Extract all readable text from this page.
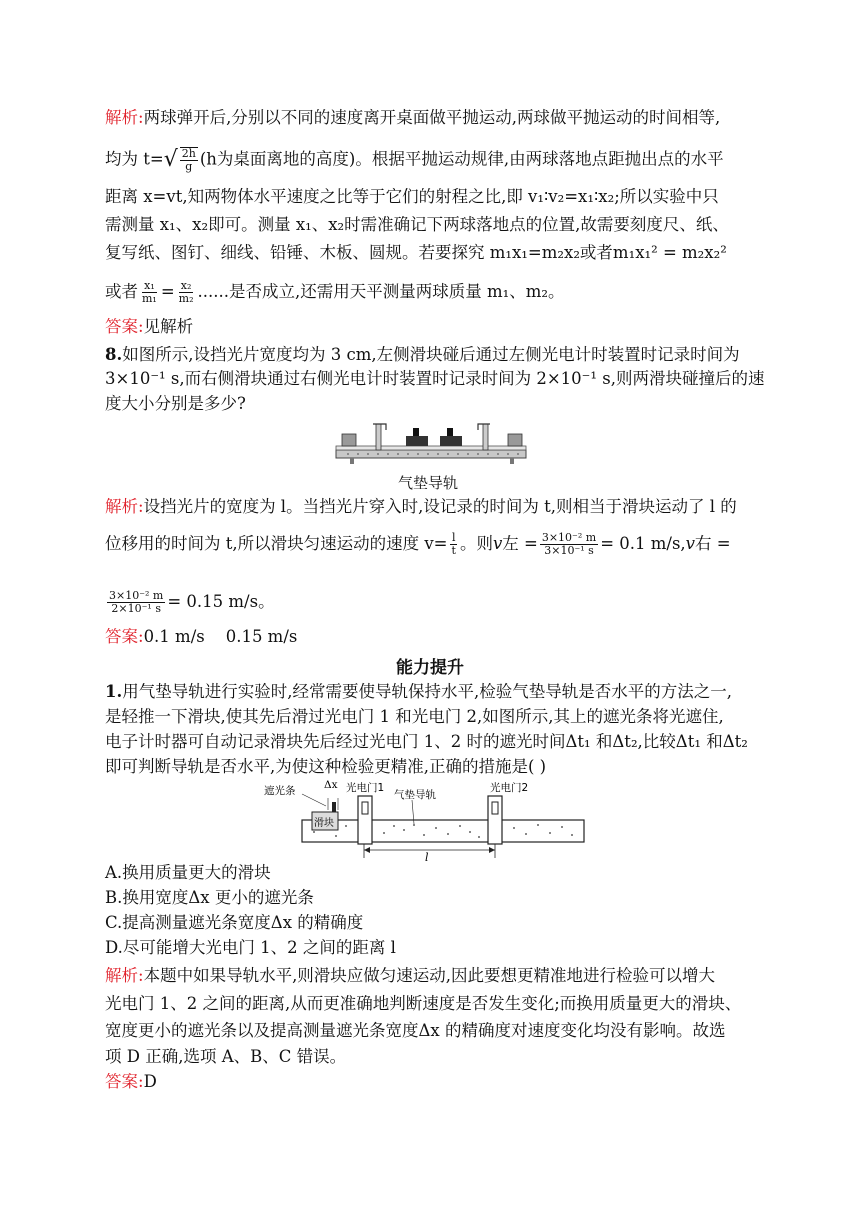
解析:两球弹开后,分别以不同的速度离开桌面做平抛运动,两球做平抛运动的时间相等,
均为 t= √ $\frac{2h}{g} (h$为桌面离地的高度)。根据平抛运动规律,由两球落地点距抛出点的水平
距离 x=vt,知两物体水平速度之比等于它们的射程之比,即 v₁∶v₂=x₁∶x₂;所以实验中只
需测量 x₁、x₂即可。测量 x₁、x₂时需准确记下两球落地点的位置,故需要刻度尺、纸、
复写纸、图钉、细线、铅锤、木板、圆规。若要探究 m₁x₁=m₂x₂或者m₁x₁² = m₂x₂²
或者 $\frac{\text{x₁}}{\text{m₁}} = \frac{\text{x₂}}{\text{m₂}}$ ......是否成立,还需用天平测量两球质量 m₁、m₂。
答案:见解析
8.如图所示,设挡光片宽度均为 3 cm,左侧滑块碰后通过左侧光电计时装置时记录时间为
3×10⁻¹ s,而右侧滑块通过右侧光电计时装置时记录时间为 2×10⁻¹ s,则两滑块碰撞后的速
度大小分别是多少?
气垫导轨
解析:设挡光片的宽度为 l。当挡光片穿入时,设记录的时间为 t,则相当于滑块运动了 l 的
位移用的时间为 t,所以滑块匀速运动的速度 $v= \frac{l}{t}$ 。则𝑣左 = $\frac{\text{3×10⁻² m}}{\text{3×10⁻¹ s}} = 0.1$ m/s,𝑣右 =
$\frac{\text{3×10⁻² m}}{\text{2×10⁻¹ s}} = 0.15$ m/s。
答案:0.1 m/s    0.15 m/s
能力提升
1.用气垫导轨进行实验时,经常需要使导轨保持水平,检验气垫导轨是否水平的方法之一,
是轻推一下滑块,使其先后滑过光电门 1 和光电门 2,如图所示,其上的遮光条将光遮住,
电子计时器可自动记录滑块先后经过光电门 1、2 时的遮光时间Δt₁ 和Δt₂,比较Δt₁ 和Δt₂
即可判断导轨是否水平,为使这种检验更精准,正确的措施是( )
遮光条	Δx 光电门1	光电门2
气垫导轨
滑块
l
A.换用质量更大的滑块
B.换用宽度Δx 更小的遮光条
C.提高测量遮光条宽度Δx 的精确度
D.尽可能增大光电门 1、2 之间的距离 l
解析:本题中如果导轨水平,则滑块应做匀速运动,因此要想更精准地进行检验可以增大
光电门 1、2 之间的距离,从而更准确地判断速度是否发生变化;而换用质量更大的滑块、
宽度更小的遮光条以及提高测量遮光条宽度Δx 的精确度对速度变化均没有影响。故选
项 D 正确,选项 A、B、C 错误。
答案:D
